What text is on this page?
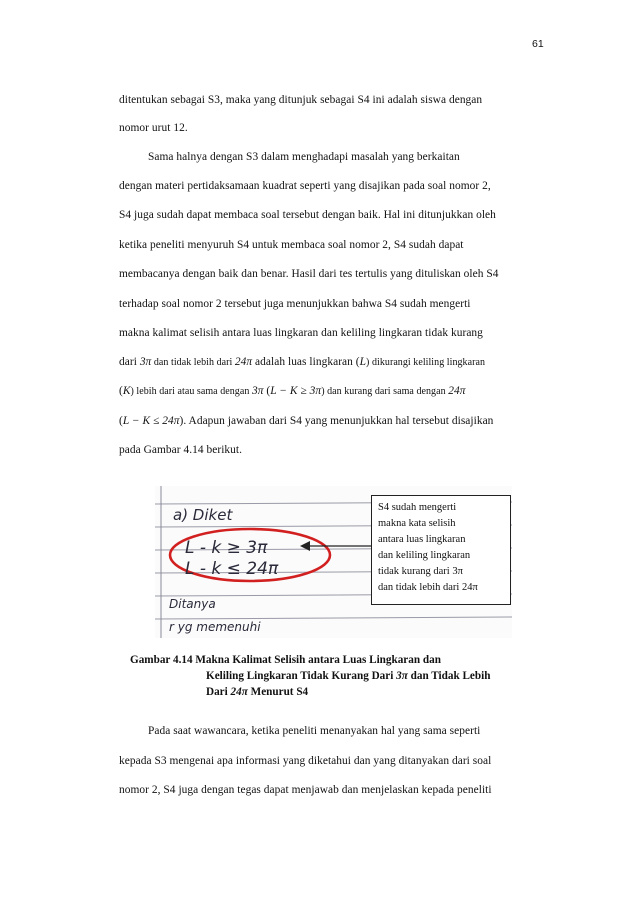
61
ditentukan sebagai S3, maka yang ditunjuk sebagai S4 ini adalah siswa dengan
nomor urut 12.
Sama halnya dengan S3 dalam menghadapi masalah yang berkaitan
dengan materi pertidaksamaan kuadrat seperti yang disajikan pada soal nomor 2,
S4 juga sudah dapat membaca soal tersebut dengan baik. Hal ini ditunjukkan oleh
ketika peneliti menyuruh S4 untuk membaca soal nomor 2, S4 sudah dapat
membacanya dengan baik dan benar. Hasil dari tes tertulis yang dituliskan oleh S4
terhadap soal nomor 2 tersebut juga menunjukkan bahwa S4 sudah mengerti
makna kalimat selisih antara luas lingkaran dan keliling lingkaran tidak kurang
dari 3π dan tidak lebih dari 24π adalah luas lingkaran (L) dikurangi keliling lingkaran
(K) lebih dari atau sama dengan 3π (L − K ≥ 3π) dan kurang dari sama dengan 24π
(L − K ≤ 24π). Adapun jawaban dari S4 yang menunjukkan hal tersebut disajikan
pada Gambar 4.14 berikut.
a) Diket
L - k ≥ 3π
L - k ≤ 24π
Ditanya
r yg memenuhi
S4 sudah mengerti
makna kata selisih
antara luas lingkaran
dan keliling lingkaran
tidak kurang dari 3π
dan tidak lebih dari 24π
Gambar 4.14 Makna Kalimat Selisih antara Luas Lingkaran dan
Keliling Lingkaran Tidak Kurang Dari 3π dan Tidak Lebih
Dari 24π Menurut S4
Pada saat wawancara, ketika peneliti menanyakan hal yang sama seperti
kepada S3 mengenai apa informasi yang diketahui dan yang ditanyakan dari soal
nomor 2, S4 juga dengan tegas dapat menjawab dan menjelaskan kepada peneliti
